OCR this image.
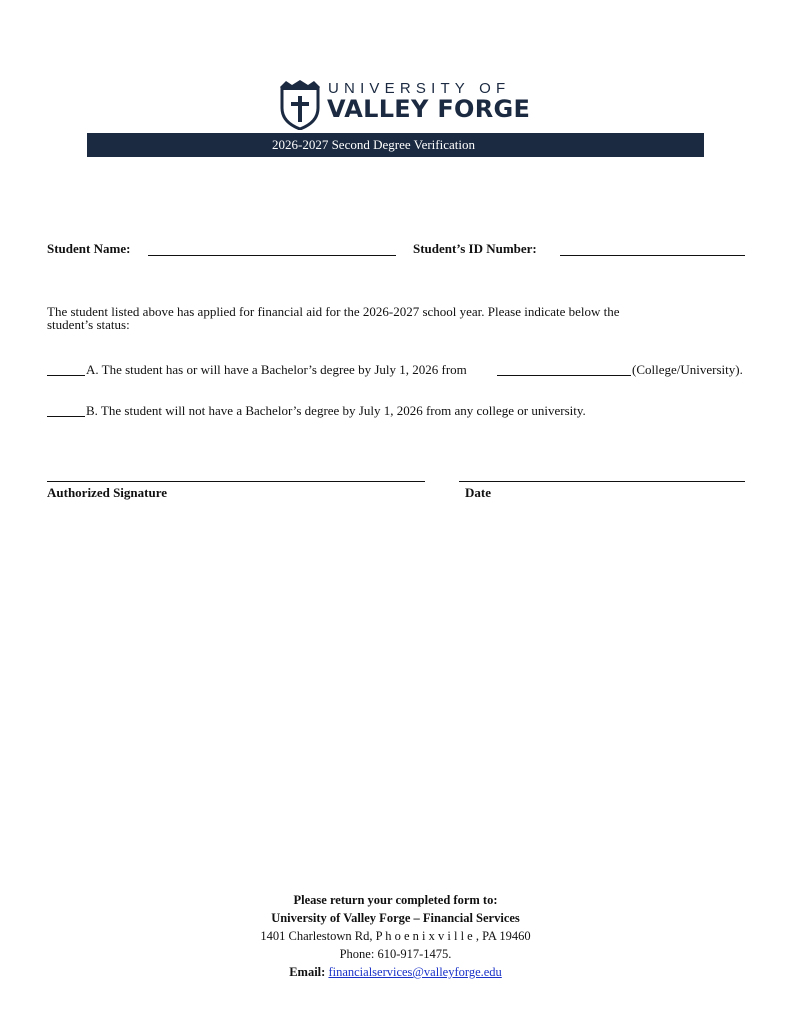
UNIVERSITY OF
VALLEY FORGE
2026-2027 Second Degree Verification
Student Name:	Student’s ID Number:
The student listed above has applied for financial aid for the 2026-2027 school year. Please indicate below the
student’s status:
A. The student has or will have a Bachelor’s degree by July 1, 2026 from	(College/University).
B. The student will not have a Bachelor’s degree by July 1, 2026 from any college or university.
Authorized Signature	Date
Please return your completed form to:
University of Valley Forge – Financial Services
1401 Charlestown Rd, P h o e n i x v i l l e , PA 19460
Phone: 610-917-1475.
Email: financialservices@valleyforge.edu
